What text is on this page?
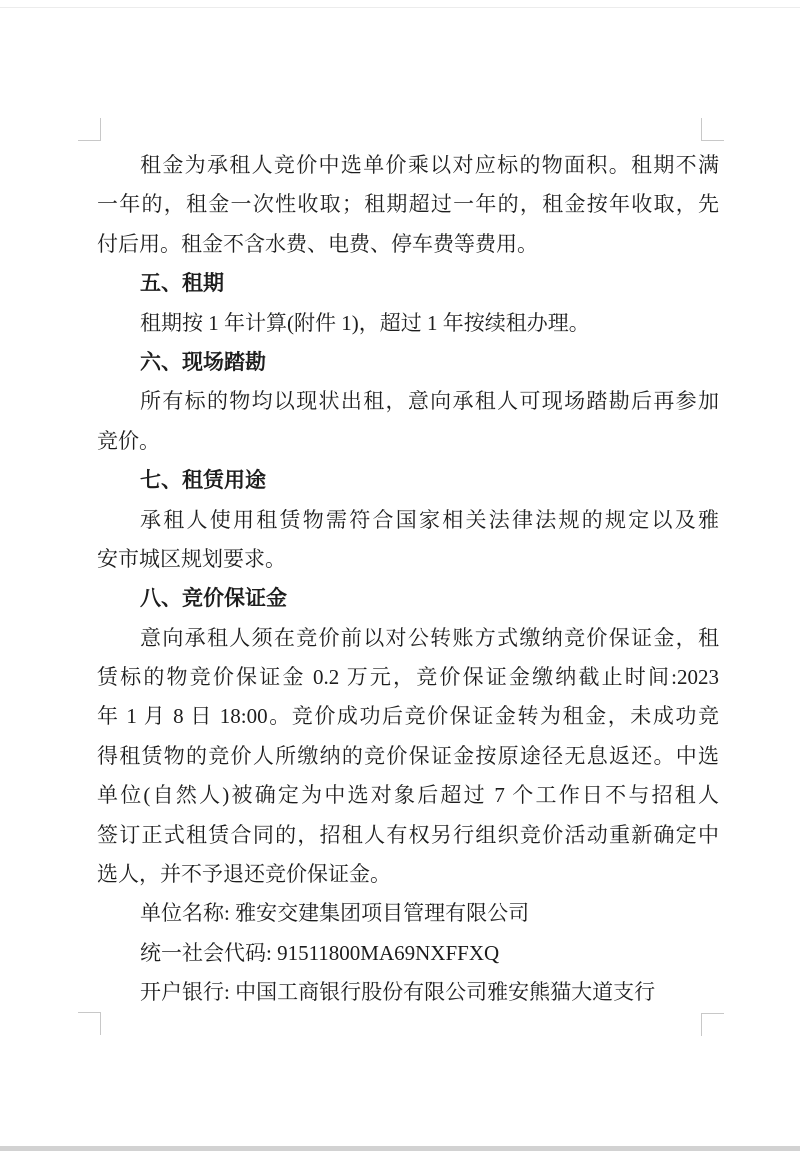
租金为承租人竞价中选单价乘以对应标的物面积。租期不满
一年的，租金一次性收取；租期超过一年的，租金按年收取，先
付后用。租金不含水费、电费、停车费等费用。
五、租期
租期按 1 年计算(附件 1)，超过 1 年按续租办理。
六、现场踏勘
所有标的物均以现状出租，意向承租人可现场踏勘后再参加
竞价。
七、租赁用途
承租人使用租赁物需符合国家相关法律法规的规定以及雅
安市城区规划要求。
八、竞价保证金
意向承租人须在竞价前以对公转账方式缴纳竞价保证金，租
赁标的物竞价保证金 0.2 万元，竞价保证金缴纳截止时间:2023
年 1 月 8 日 18:00。竞价成功后竞价保证金转为租金，未成功竞
得租赁物的竞价人所缴纳的竞价保证金按原途径无息返还。中选
单位(自然人)被确定为中选对象后超过 7 个工作日不与招租人
签订正式租赁合同的，招租人有权另行组织竞价活动重新确定中
选人，并不予退还竞价保证金。
单位名称: 雅安交建集团项目管理有限公司
统一社会代码: 91511800MA69NXFFXQ
开户银行: 中国工商银行股份有限公司雅安熊猫大道支行
